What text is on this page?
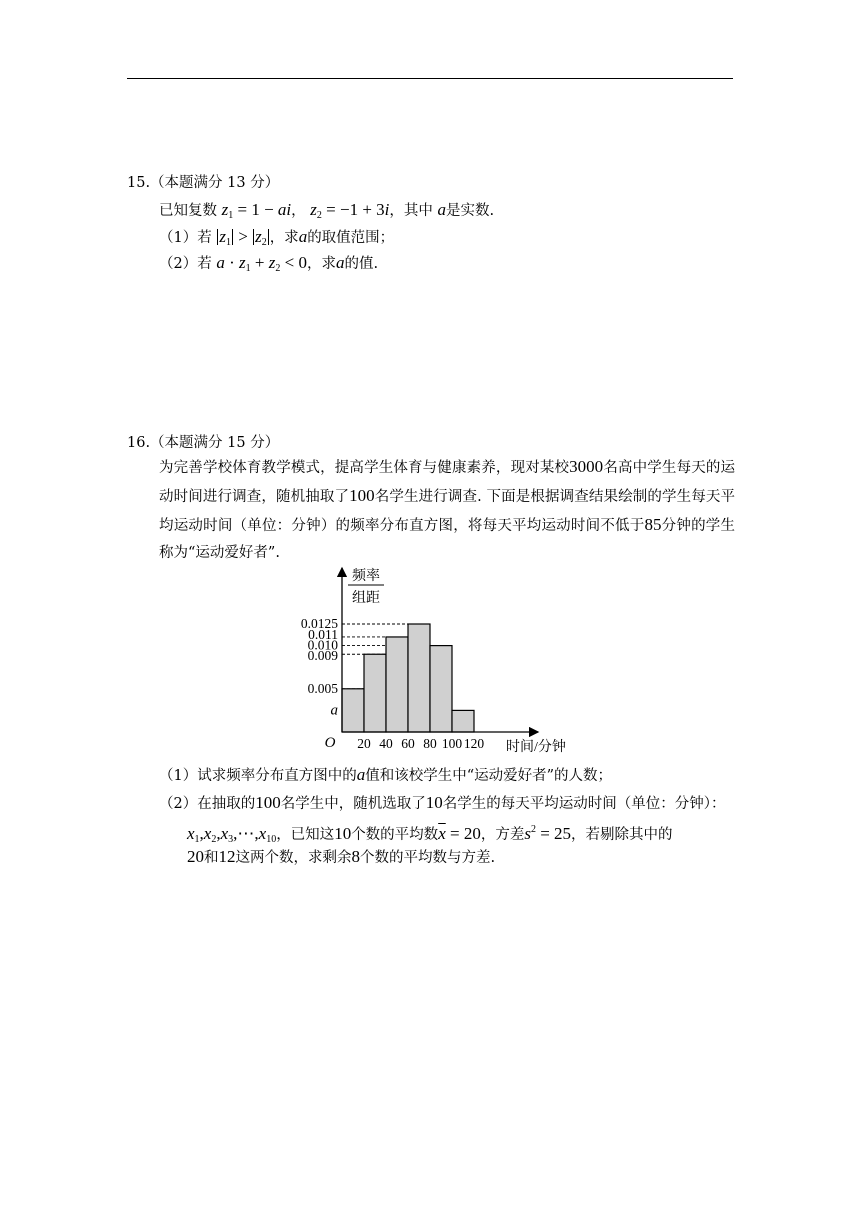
15.（本题满分 13 分）
已知复数 $z_1 = 1$ − ai， $z_2 = -1 + 3i$，其中 a是实数.
（1）若 $z_1 > z_2$ ，求a的取值范围；
（2）若 $a \cdot z_1 + z_2 < 0$，求a的值.
16.（本题满分 15 分）
为完善学校体育教学模式，提高学生体育与健康素养，现对某校3000名高中学生每天的运动时间进行调查，随机抽取了100名学生进行调查. 下面是根据调查结果绘制的学生每天平均运动时间（单位：分钟）的频率分布直方图，将每天平均运动时间不低于85分钟的学生称为“运动爱好者”.
频率
组距
O	时间/分钟
a
0.005
0.009
0.010
0.011
0.0125
20 40 60 80 100 120
（1）试求频率分布直方图中的a值和该校学生中“运动爱好者”的人数；
（2）在抽取的100名学生中，随机选取了10名学生的每天平均运动时间（单位：分钟）：
$x_1,x_2,x_3,\cdots,x_{10}$，已知这10个数的平均数$\overline{x} = 20$，方差$s^2 = 25$，若剔除其中的
20和12这两个数，求剩余8个数的平均数与方差.
